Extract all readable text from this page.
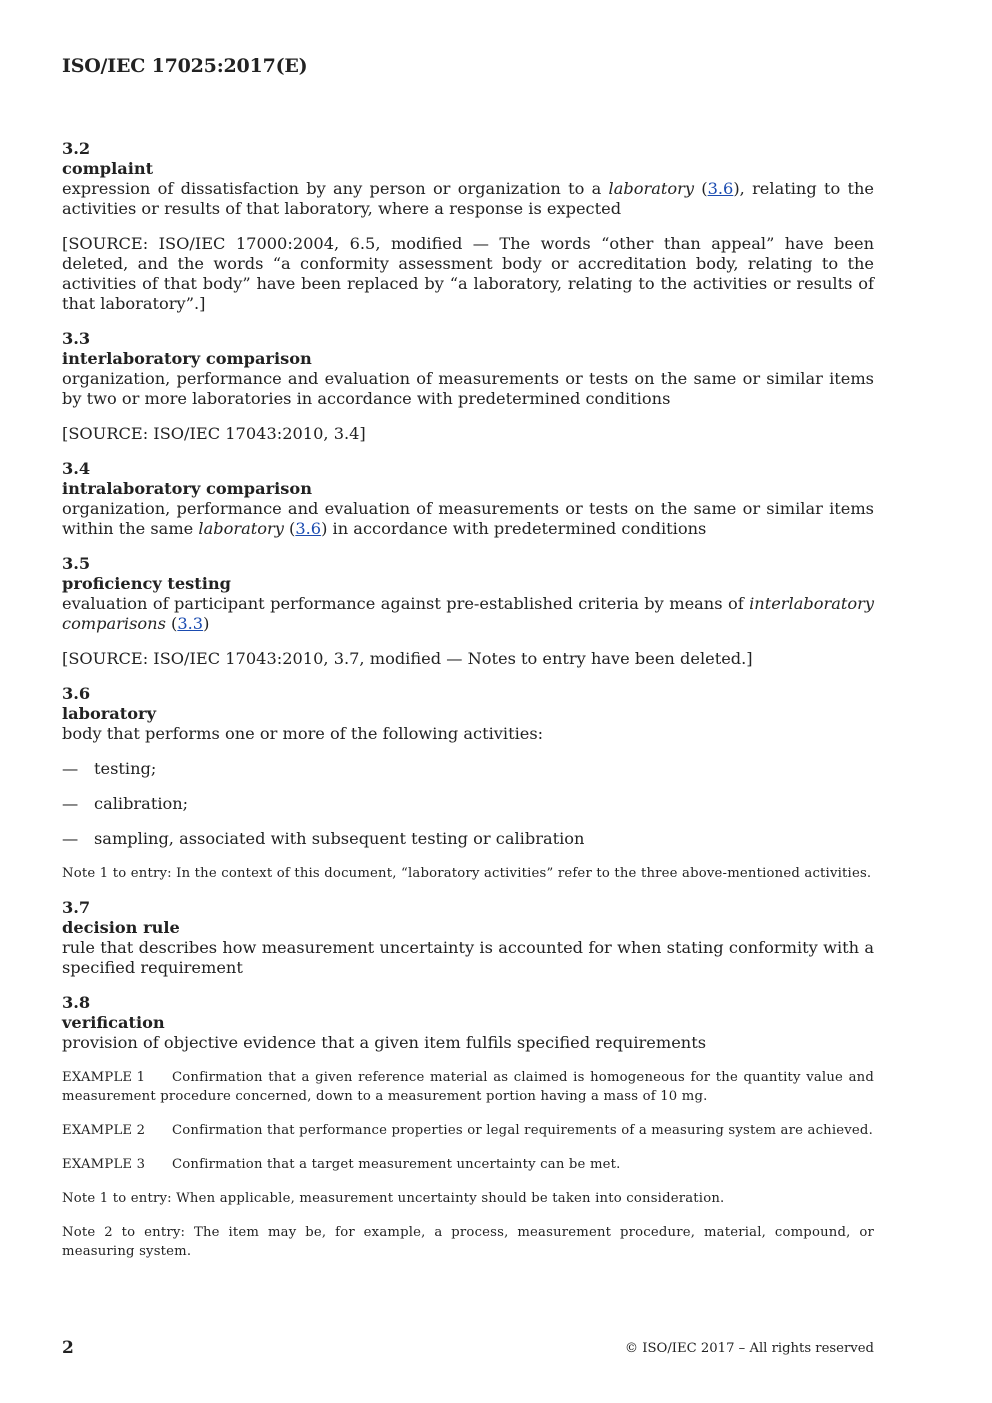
ISO/IEC 17025:2017(E)
3.2
complaint

expression of dissatisfaction by any person or organization to a laboratory (3.6), relating to the activities or results of that laboratory, where a response is expected

[SOURCE: ISO/IEC 17000:2004, 6.5, modified — The words “other than appeal” have been deleted, and the words “a conformity assessment body or accreditation body, relating to the activities of that body” have been replaced by “a laboratory, relating to the activities or results of that laboratory”.]

3.3
interlaboratory comparison

organization, performance and evaluation of measurements or tests on the same or similar items by two or more laboratories in accordance with predetermined conditions

[SOURCE: ISO/IEC 17043:2010, 3.4]

3.4
intralaboratory comparison

organization, performance and evaluation of measurements or tests on the same or similar items within the same laboratory (3.6) in accordance with predetermined conditions

3.5
proficiency testing

evaluation of participant performance against pre-established criteria by means of interlaboratory comparisons (3.3)

[SOURCE: ISO/IEC 17043:2010, 3.7, modified — Notes to entry have been deleted.]

3.6
laboratory

body that performs one or more of the following activities:

— testing;
— calibration;
— sampling, associated with subsequent testing or calibration

Note 1 to entry: In the context of this document, “laboratory activities” refer to the three above-mentioned activities.

3.7
decision rule

rule that describes how measurement uncertainty is accounted for when stating conformity with a specified requirement

3.8
verification

provision of objective evidence that a given item fulfils specified requirements

EXAMPLE 1 Confirmation that a given reference material as claimed is homogeneous for the quantity value and measurement procedure concerned, down to a measurement portion having a mass of 10 mg.

EXAMPLE 2 Confirmation that performance properties or legal requirements of a measuring system are achieved.

EXAMPLE 3 Confirmation that a target measurement uncertainty can be met.

Note 1 to entry: When applicable, measurement uncertainty should be taken into consideration.

Note 2 to entry: The item may be, for example, a process, measurement procedure, material, compound, or measuring system.

2	© ISO/IEC 2017 – All rights reserved
